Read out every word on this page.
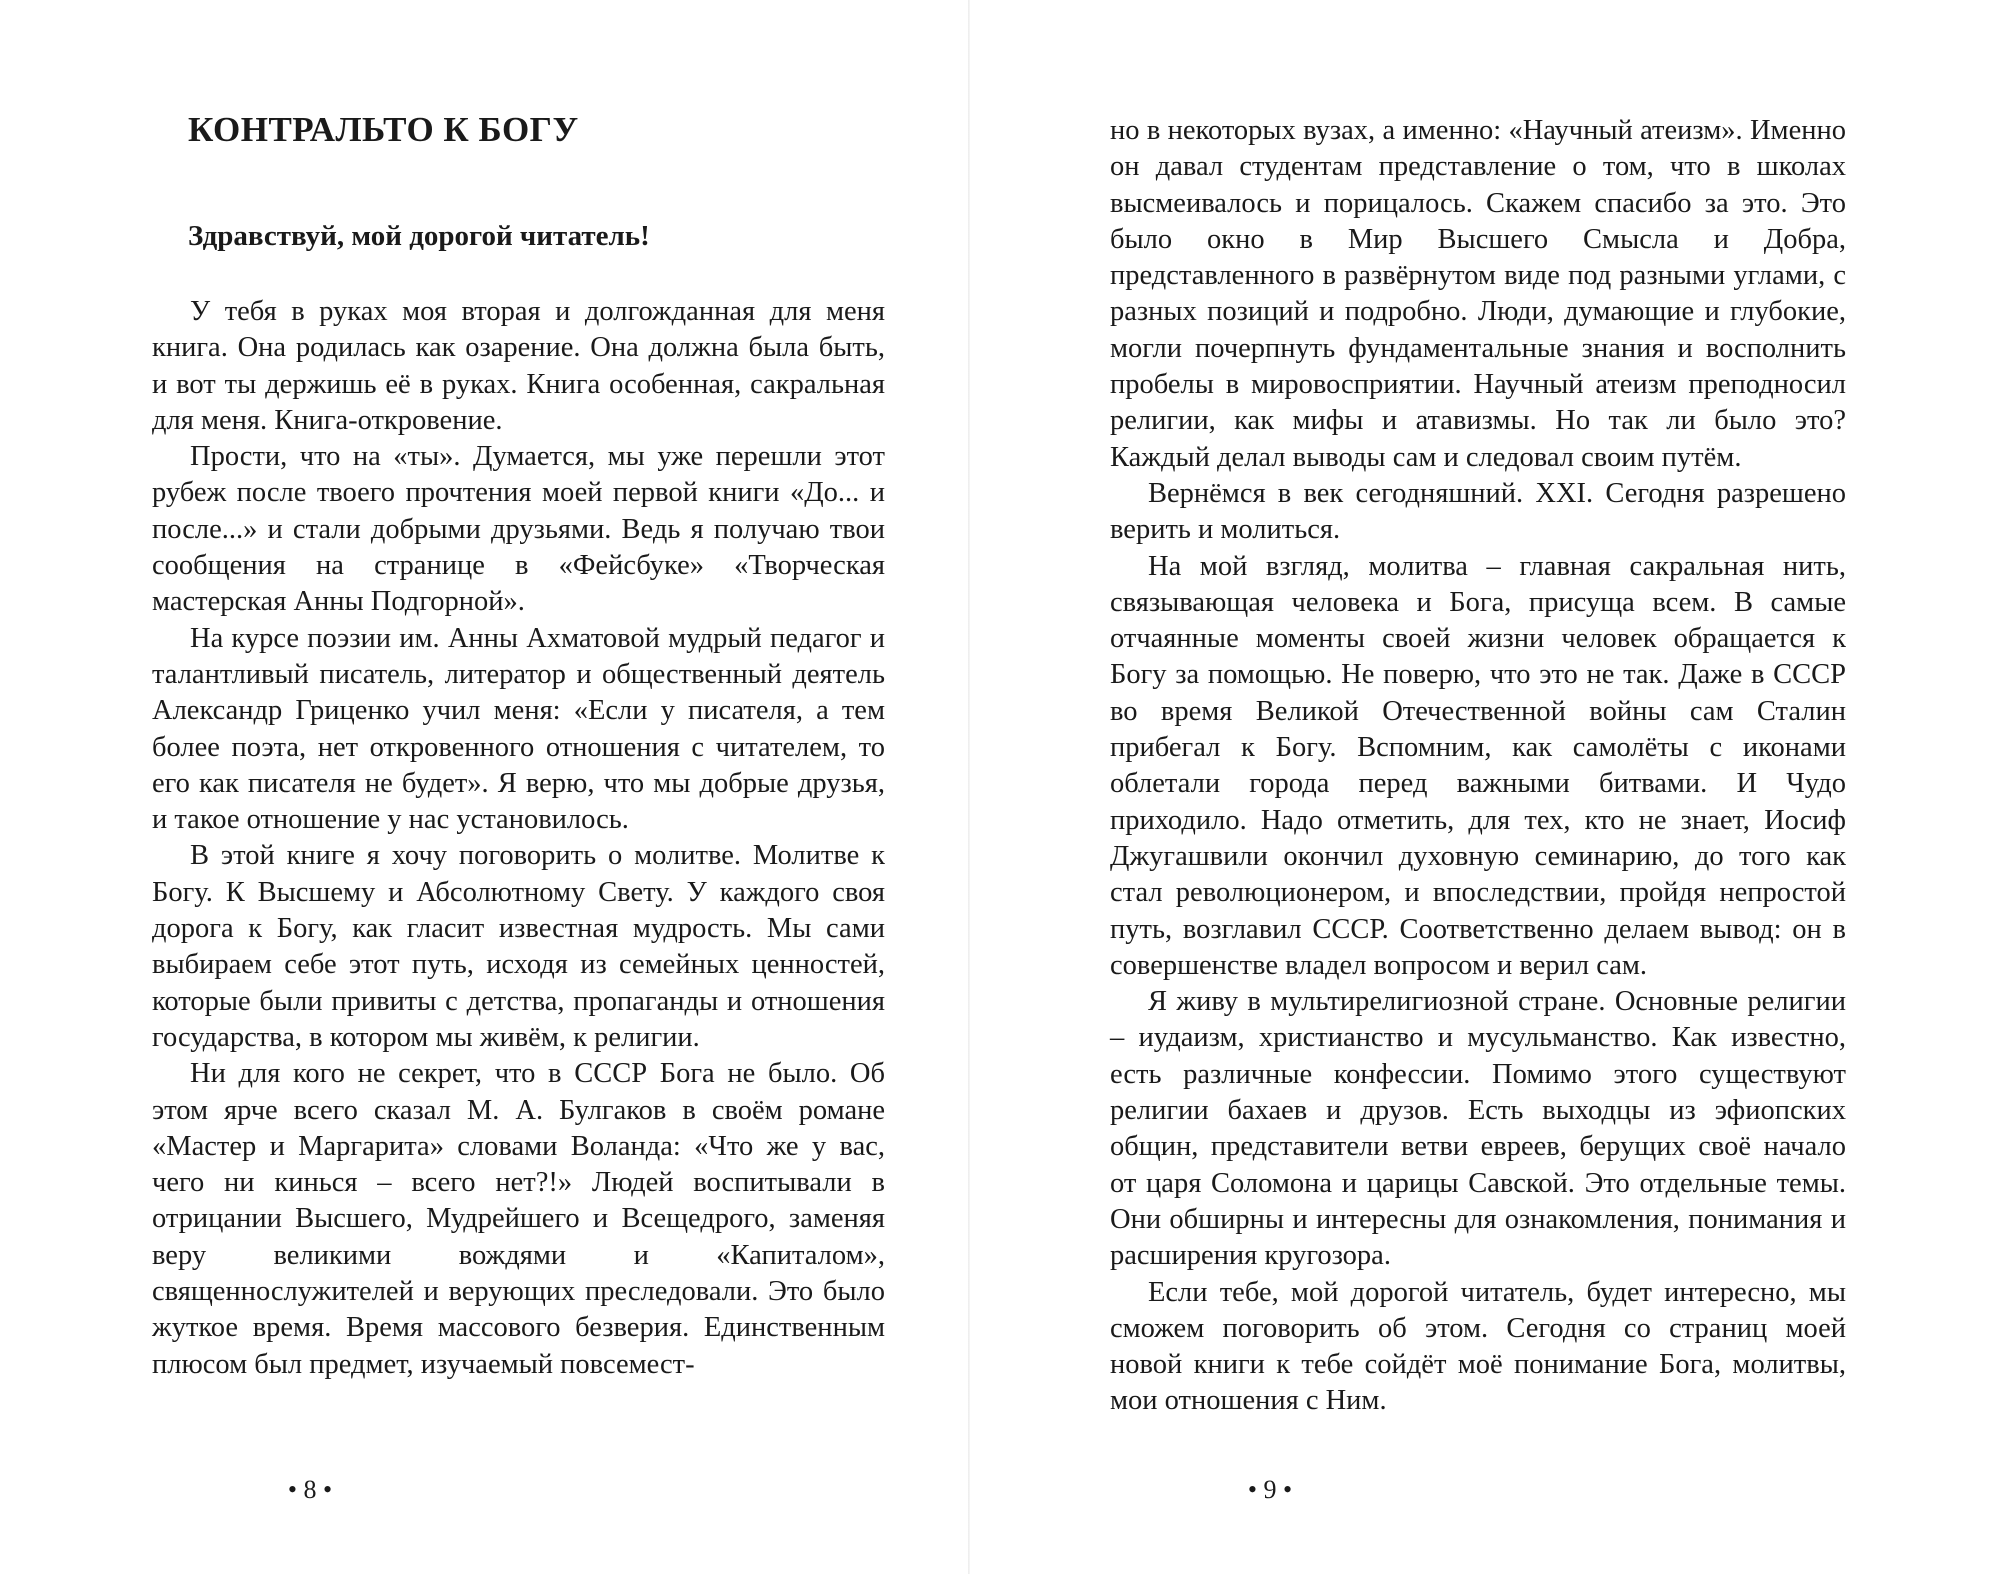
КОНТРАЛЬТО К БОГУ
Здравствуй, мой дорогой читатель!

У тебя в руках моя вторая и долгожданная для меня книга. Она родилась как озарение. Она должна была быть, и вот ты держишь её в руках. Книга особенная, сакральная для меня. Книга-откровение.

Прости, что на «ты». Думается, мы уже перешли этот рубеж после твоего прочтения моей первой книги «До... и после...» и стали добрыми друзьями. Ведь я получаю твои сообщения на странице в «Фейсбуке» «Творческая мастерская Анны Подгорной».

На курсе поэзии им. Анны Ахматовой мудрый педагог и талантливый писатель, литератор и общественный деятель Александр Гриценко учил меня: «Если у писателя, а тем более поэта, нет откровенного отношения с читателем, то его как писателя не будет». Я верю, что мы добрые друзья, и такое отношение у нас установилось.

В этой книге я хочу поговорить о молитве. Молитве к Богу. К Высшему и Абсолютному Свету. У каждого своя дорога к Богу, как гласит известная мудрость. Мы сами выбираем себе этот путь, исходя из семейных ценностей, которые были привиты с детства, пропаганды и отношения государства, в котором мы живём, к религии.

Ни для кого не секрет, что в СССР Бога не было. Об этом ярче всего сказал М. А. Булгаков в своём романе «Мастер и Маргарита» словами Воланда: «Что же у вас, чего ни кинься – всего нет?!» Людей воспитывали в отрицании Высшего, Мудрейшего и Всещедрого, заменяя веру великими вождями и «Капиталом», священнослужителей и верующих преследовали. Это было жуткое время. Время массового безверия. Единственным плюсом был предмет, изучаемый повсемест-

• 8 •

но в некоторых вузах, а именно: «Научный атеизм». Именно он давал студентам представление о том, что в школах высмеивалось и порицалось. Скажем спасибо за это. Это было окно в Мир Высшего Смысла и Добра, представленного в развёрнутом виде под разными углами, с разных позиций и подробно. Люди, думающие и глубокие, могли почерпнуть фундаментальные знания и восполнить пробелы в мировосприятии. Научный атеизм преподносил религии, как мифы и атавизмы. Но так ли было это? Каждый делал выводы сам и следовал своим путём.

Вернёмся в век сегодняшний. XXI. Сегодня разрешено верить и молиться.

На мой взгляд, молитва – главная сакральная нить, связывающая человека и Бога, присуща всем. В самые отчаянные моменты своей жизни человек обращается к Богу за помощью. Не поверю, что это не так. Даже в СССР во время Великой Отечественной войны сам Сталин прибегал к Богу. Вспомним, как самолёты с иконами облетали города перед важными битвами. И Чудо приходило. Надо отметить, для тех, кто не знает, Иосиф Джугашвили окончил духовную семинарию, до того как стал революционером, и впоследствии, пройдя непростой путь, возглавил СССР. Соответственно делаем вывод: он в совершенстве владел вопросом и верил сам.

Я живу в мультирелигиозной стране. Основные религии – иудаизм, христианство и мусульманство. Как известно, есть различные конфессии. Помимо этого существуют религии бахаев и друзов. Есть выходцы из эфиопских общин, представители ветви евреев, берущих своё начало от царя Соломона и царицы Савской. Это отдельные темы. Они обширны и интересны для ознакомления, понимания и расширения кругозора.

Если тебе, мой дорогой читатель, будет интересно, мы сможем поговорить об этом. Сегодня со страниц моей новой книги к тебе сойдёт моё понимание Бога, молитвы, мои отношения с Ним.

• 9 •
